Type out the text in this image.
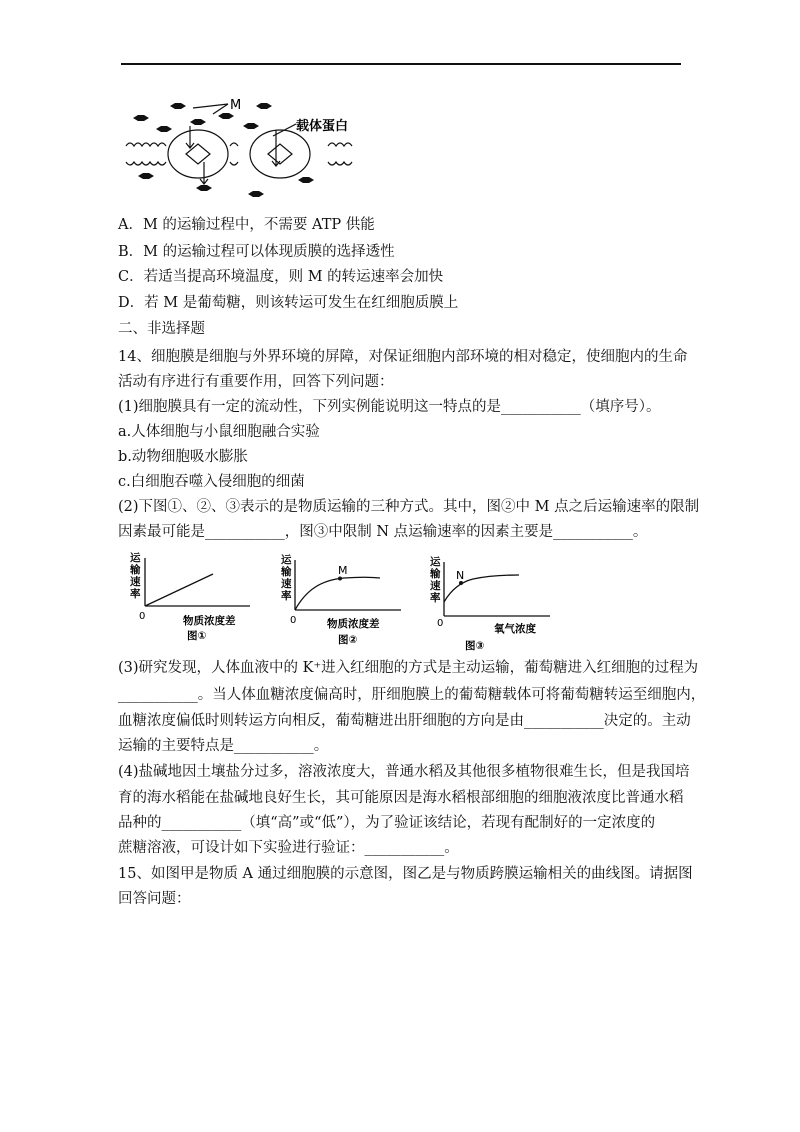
M
载体蛋白
A．M 的运输过程中，不需要 ATP 供能
B．M 的运输过程可以体现质膜的选择透性
C．若适当提高环境温度，则 M 的转运速率会加快
D．若 M 是葡萄糖，则该转运可发生在红细胞质膜上
二、非选择题
14、细胞膜是细胞与外界环境的屏障，对保证细胞内部环境的相对稳定，使细胞内的生命
活动有序进行有重要作用，回答下列问题：
(1)细胞膜具有一定的流动性，下列实例能说明这一特点的是___________（填序号）。
a.人体细胞与小鼠细胞融合实验
b.动物细胞吸水膨胀
c.白细胞吞噬入侵细胞的细菌
(2)下图①、②、③表示的是物质运输的三种方式。其中，图②中 M 点之后运输速率的限制
因素最可能是___________，图③中限制 N 点运输速率的因素主要是___________。
运
输
速
率
0	物质浓度差
图①
运
输
速
率
M
0	物质浓度差
图②
运
输
速
率
N
0	氧气浓度
图③
(3)研究发现，人体血液中的 K⁺进入红细胞的方式是主动运输，葡萄糖进入红细胞的过程为
___________。当人体血糖浓度偏高时，肝细胞膜上的葡萄糖载体可将葡萄糖转运至细胞内，
血糖浓度偏低时则转运方向相反，葡萄糖进出肝细胞的方向是由___________决定的。主动
运输的主要特点是___________。
(4)盐碱地因土壤盐分过多，溶液浓度大，普通水稻及其他很多植物很难生长，但是我国培
育的海水稻能在盐碱地良好生长，其可能原因是海水稻根部细胞的细胞液浓度比普通水稻
品种的___________（填“高”或“低”），为了验证该结论，若现有配制好的一定浓度的
蔗糖溶液，可设计如下实验进行验证：___________。
15、如图甲是物质 A 通过细胞膜的示意图，图乙是与物质跨膜运输相关的曲线图。请据图
回答问题：
